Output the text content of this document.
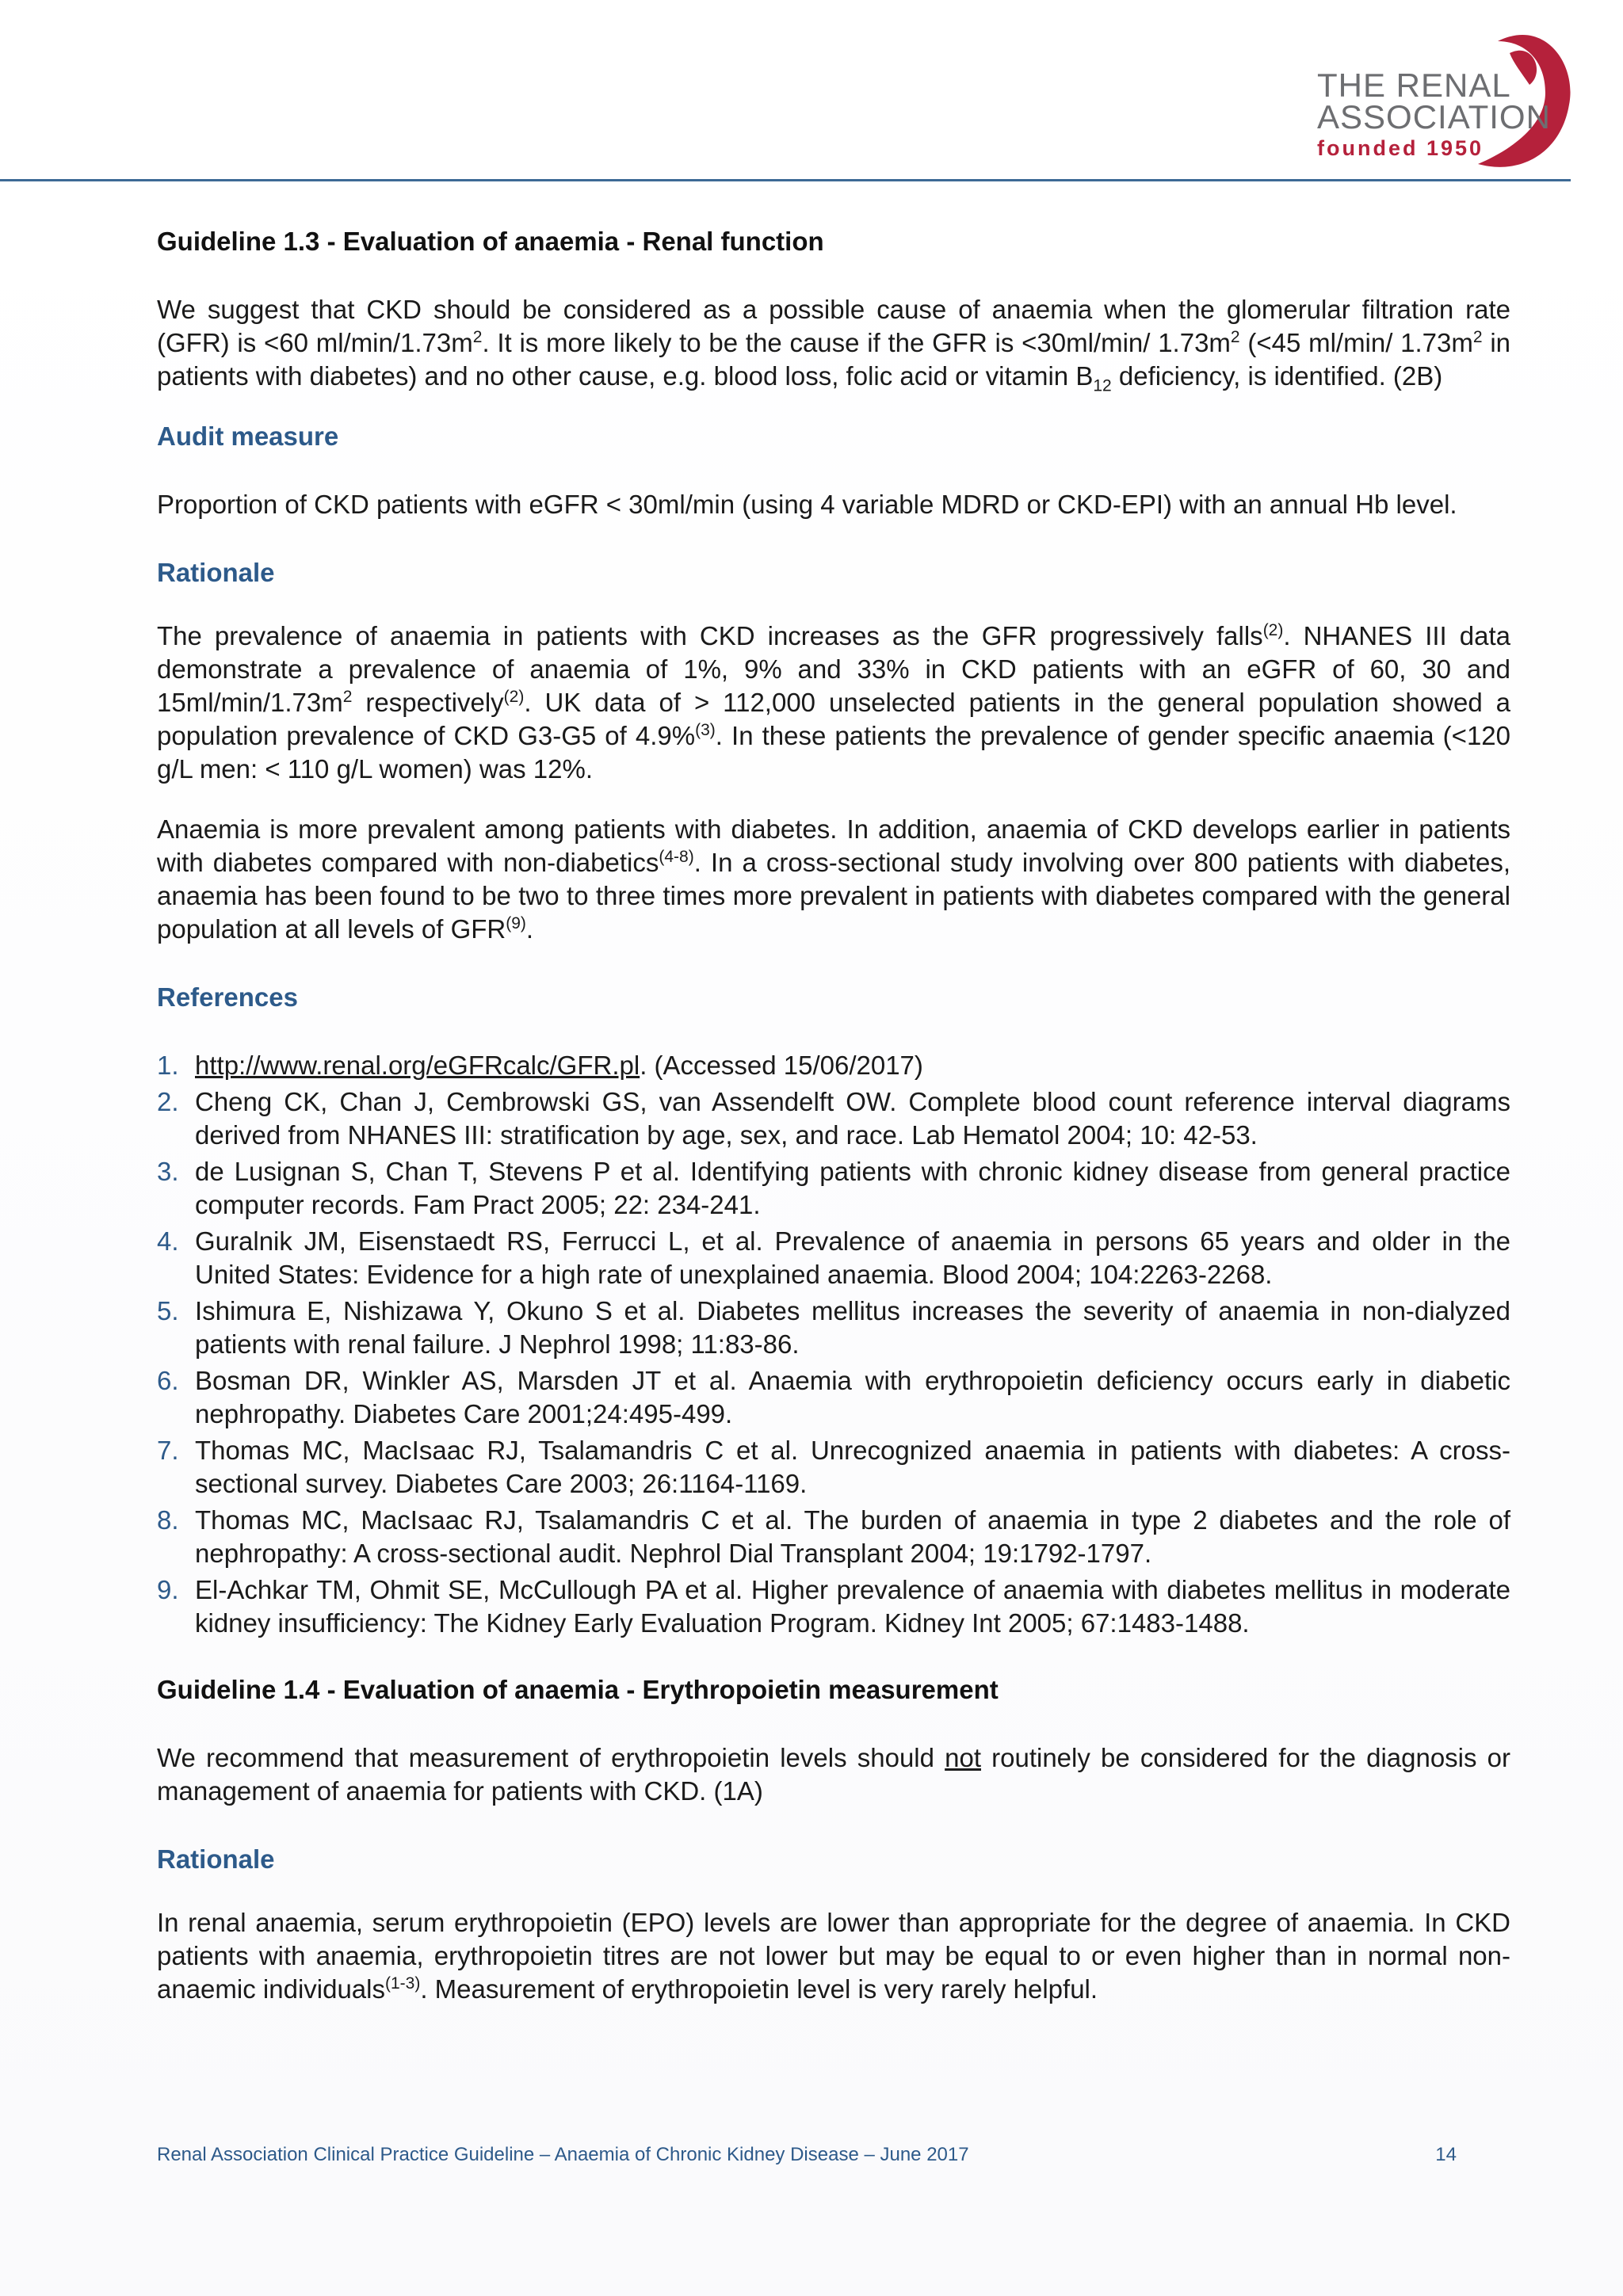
THE RENAL
ASSOCIATION
founded 1950
Guideline 1.3 - Evaluation of anaemia - Renal function

We suggest that CKD should be considered as a possible cause of anaemia when the glomerular filtration rate (GFR) is <60 $ml/\min/1.73m^2$. It is more likely to be the cause if the GFR is <30ml/min/ $1.73m^2$ (<45 ml/min/ $1.73m^2$ in patients with diabetes) and no other cause, e.g. blood loss, folic acid or vitamin $B_{12}$ deficiency, is identified. (2B)

Audit measure

Proportion of CKD patients with eGFR < 30ml/min (using 4 variable MDRD or CKD-EPI) with an annual Hb level.

Rationale

The prevalence of anaemia in patients with CKD increases as the GFR progressively falls$^{(2)}$. NHANES III data demonstrate a prevalence of anaemia of 1%, 9% and 33% in CKD patients with an eGFR of 60, 30 and $15ml/\min/1.73m^2$ respectively$^{(2)}$. UK data of > 112,000 unselected patients in the general population showed a population prevalence of CKD G3-G5 of 4.9%$^{(3)}$. In these patients the prevalence of gender specific anaemia (<120 g/L men: < 110 g/L women) was 12%.

Anaemia is more prevalent among patients with diabetes. In addition, anaemia of CKD develops earlier in patients with diabetes compared with non-diabetics$^{(4-8)}$. In a cross-sectional study involving over 800 patients with diabetes, anaemia has been found to be two to three times more prevalent in patients with diabetes compared with the general population at all levels of GFR$^{(9)}$.

References
1. http://www.renal.org/eGFRcalc/GFR.pl. (Accessed 15/06/2017)
2. Cheng CK, Chan J, Cembrowski GS, van Assendelft OW. Complete blood count reference interval diagrams derived from NHANES III: stratification by age, sex, and race. Lab Hematol 2004; 10: 42-53.
3. de Lusignan S, Chan T, Stevens P et al. Identifying patients with chronic kidney disease from general practice computer records. Fam Pract 2005; 22: 234-241.
4. Guralnik JM, Eisenstaedt RS, Ferrucci L, et al. Prevalence of anaemia in persons 65 years and older in the United States: Evidence for a high rate of unexplained anaemia. Blood 2004; 104:2263-2268.
5. Ishimura E, Nishizawa Y, Okuno S et al. Diabetes mellitus increases the severity of anaemia in non-dialyzed patients with renal failure. J Nephrol 1998; 11:83-86.
6. Bosman DR, Winkler AS, Marsden JT et al. Anaemia with erythropoietin deficiency occurs early in diabetic nephropathy. Diabetes Care 2001;24:495-499.
7. Thomas MC, MacIsaac RJ, Tsalamandris C et al. Unrecognized anaemia in patients with diabetes: A cross-sectional survey. Diabetes Care 2003; 26:1164-1169.
8. Thomas MC, MacIsaac RJ, Tsalamandris C et al. The burden of anaemia in type 2 diabetes and the role of nephropathy: A cross-sectional audit. Nephrol Dial Transplant 2004; 19:1792-1797.
9. El-Achkar TM, Ohmit SE, McCullough PA et al. Higher prevalence of anaemia with diabetes mellitus in moderate kidney insufficiency: The Kidney Early Evaluation Program. Kidney Int 2005; 67:1483-1488.
Guideline 1.4 - Evaluation of anaemia - Erythropoietin measurement

We recommend that measurement of erythropoietin levels should not routinely be considered for the diagnosis or management of anaemia for patients with CKD. (1A)

Rationale

In renal anaemia, serum erythropoietin (EPO) levels are lower than appropriate for the degree of anaemia. In CKD patients with anaemia, erythropoietin titres are not lower but may be equal to or even higher than in normal non-anaemic individuals$^{(1-3)}$. Measurement of erythropoietin level is very rarely helpful.

Renal Association Clinical Practice Guideline – Anaemia of Chronic Kidney Disease – June 2017	14
